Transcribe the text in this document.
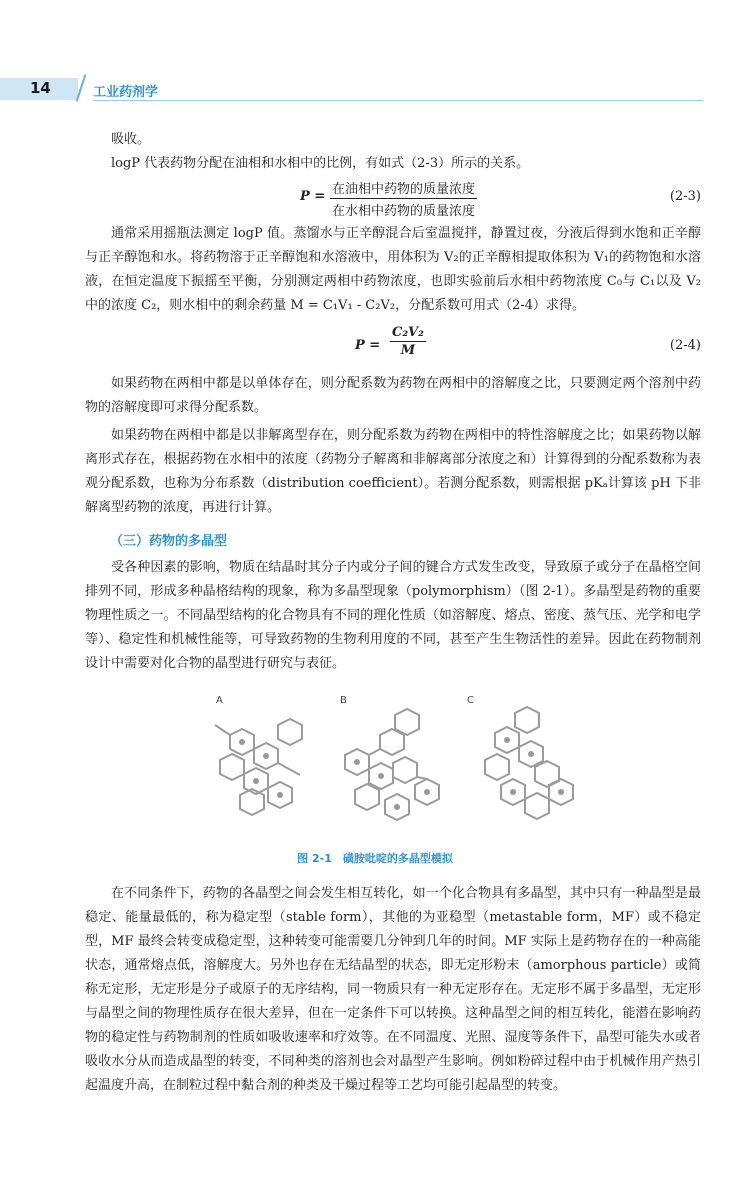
14	工业药剂学
吸收。
logP 代表药物分配在油相和水相中的比例，有如式（2-3）所示的关系。
P = 在油相中药物的质量浓度
在水相中药物的质量浓度
(2-3)
通常采用摇瓶法测定 logP 值。蒸馏水与正辛醇混合后室温搅拌，静置过夜，分液后得到水饱和正辛醇与正辛醇饱和水。将药物溶于正辛醇饱和水溶液中，用体积为 V₂的正辛醇相提取体积为 V₁的药物饱和水溶液，在恒定温度下振摇至平衡，分别测定两相中药物浓度，也即实验前后水相中药物浓度 C₀与 C₁以及 V₂中的浓度 C₂，则水相中的剩余药量 M = C₁V₁ - C₂V₂，分配系数可用式（2-4）求得。
$P = \frac{\text{C₂V₂}}{M}$	(2-4)
如果药物在两相中都是以单体存在，则分配系数为药物在两相中的溶解度之比，只要测定两个溶剂中药物的溶解度即可求得分配系数。
如果药物在两相中都是以非解离型存在，则分配系数为药物在两相中的特性溶解度之比；如果药物以解离形式存在，根据药物在水相中的浓度（药物分子解离和非解离部分浓度之和）计算得到的分配系数称为表观分配系数，也称为分布系数（distribution coefficient）。若测分配系数，则需根据 pKₐ计算该 pH 下非解离型药物的浓度，再进行计算。
（三）药物的多晶型
受各种因素的影响，物质在结晶时其分子内或分子间的键合方式发生改变，导致原子或分子在晶格空间排列不同，形成多种晶格结构的现象，称为多晶型现象（polymorphism）（图 2-1）。多晶型是药物的重要物理性质之一。不同晶型结构的化合物具有不同的理化性质（如溶解度、熔点、密度、蒸气压、光学和电学等）、稳定性和机械性能等，可导致药物的生物利用度的不同，甚至产生生物活性的差异。因此在药物制剂设计中需要对化合物的晶型进行研究与表征。
A	B	C
图 2-1　磺胺吡啶的多晶型模拟
在不同条件下，药物的各晶型之间会发生相互转化，如一个化合物具有多晶型，其中只有一种晶型是最稳定、能量最低的，称为稳定型（stable form），其他的为亚稳型（metastable form，MF）或不稳定型，MF 最终会转变成稳定型，这种转变可能需要几分钟到几年的时间。MF 实际上是药物存在的一种高能状态，通常熔点低，溶解度大。另外也存在无结晶型的状态，即无定形粉末（amorphous particle）或简称无定形，无定形是分子或原子的无序结构，同一物质只有一种无定形存在。无定形不属于多晶型，无定形与晶型之间的物理性质存在很大差异，但在一定条件下可以转换。这种晶型之间的相互转化，能潜在影响药物的稳定性与药物制剂的性质如吸收速率和疗效等。在不同温度、光照、湿度等条件下，晶型可能失水或者吸收水分从而造成晶型的转变，不同种类的溶剂也会对晶型产生影响。例如粉碎过程中由于机械作用产热引起温度升高，在制粒过程中黏合剂的种类及干燥过程等工艺均可能引起晶型的转变。
